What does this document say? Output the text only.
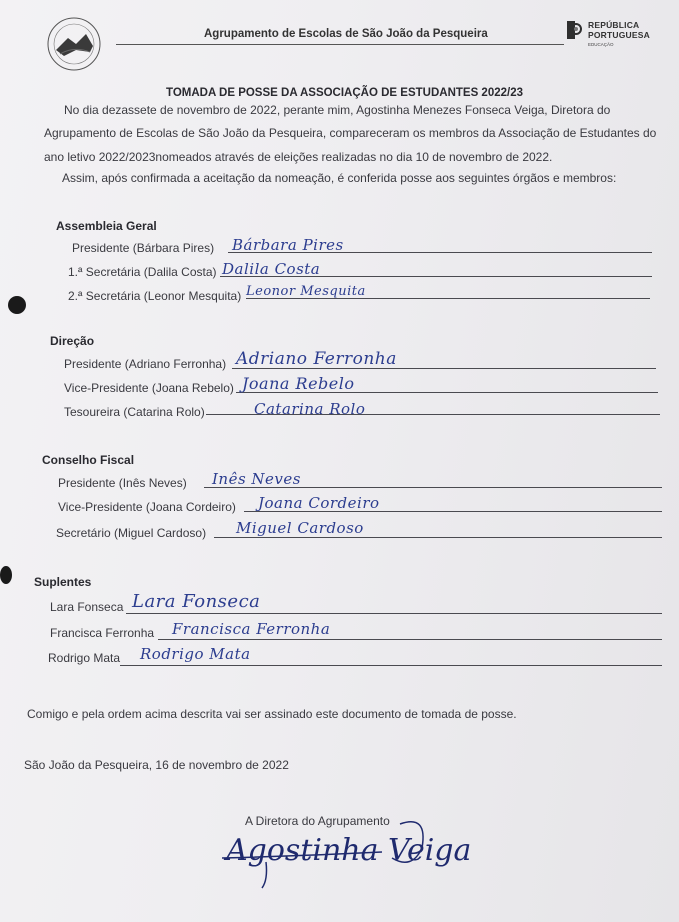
REPÚBLICA
PORTUGUESA
EDUCAÇÃO
Agrupamento de Escolas de São João da Pesqueira
TOMADA DE POSSE DA ASSOCIAÇÃO DE ESTUDANTES 2022/23
No dia dezassete de novembro de 2022, perante mim, Agostinha Menezes Fonseca Veiga, Diretora do
Agrupamento de Escolas de São João da Pesqueira, compareceram os membros da Associação de Estudantes do
ano letivo 2022/2023nomeados através de eleições realizadas no dia 10 de novembro de 2022.
Assim, após confirmada a aceitação da nomeação, é conferida posse aos seguintes órgãos e membros:
Assembleia Geral
Presidente (Bárbara Pires) Bárbara Pires
1.ª Secretária (Dalila Costa) Dalila Costa
2.ª Secretária (Leonor Mesquita) Leonor Mesquita
Direção
Presidente (Adriano Ferronha) Adriano Ferronha
Vice-Presidente (Joana Rebelo) Joana Rebelo
Tesoureira (Catarina Rolo)	Catarina Rolo
Conselho Fiscal
Presidente (Inês Neves) Inês Neves
Vice-Presidente (Joana Cordeiro) Joana Cordeiro
Secretário (Miguel Cardoso) Miguel Cardoso
Suplentes
Lara Fonseca Lara Fonseca
Francisca Ferronha Francisca Ferronha
Rodrigo Mata Rodrigo Mata
Comigo e pela ordem acima descrita vai ser assinado este documento de tomada de posse.
São João da Pesqueira, 16 de novembro de 2022
A Diretora do Agrupamento
Agostinha Veiga
